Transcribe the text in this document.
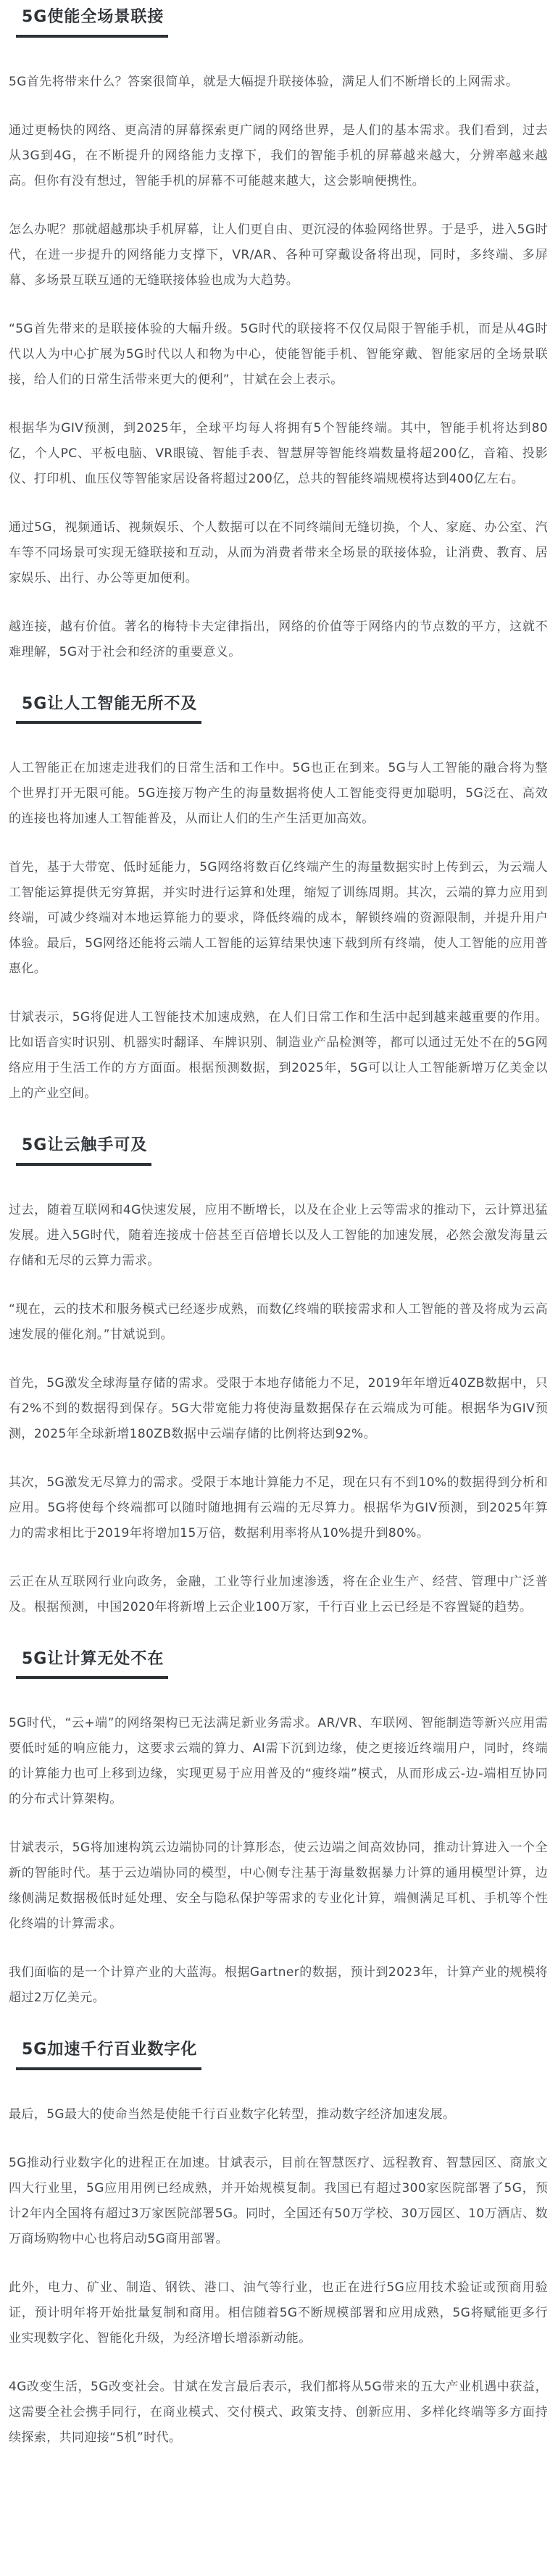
5G使能全场景联接

5G首先将带来什么？答案很简单，就是大幅提升联接体验，满足人们不断增长的上网需求。

通过更畅快的网络、更高清的屏幕探索更广阔的网络世界，是人们的基本需求。我们看到，过去从3G到4G，在不断提升的网络能力支撑下，我们的智能手机的屏幕越来越大，分辨率越来越高。但你有没有想过，智能手机的屏幕不可能越来越大，这会影响便携性。

怎么办呢？那就超越那块手机屏幕，让人们更自由、更沉浸的体验网络世界。于是乎，进入5G时代，在进一步提升的网络能力支撑下，VR/AR、各种可穿戴设备将出现，同时，多终端、多屏幕、多场景互联互通的无缝联接体验也成为大趋势。

“5G首先带来的是联接体验的大幅升级。5G时代的联接将不仅仅局限于智能手机，而是从4G时代以人为中心扩展为5G时代以人和物为中心，使能智能手机、智能穿戴、智能家居的全场景联接，给人们的日常生活带来更大的便利”，甘斌在会上表示。

根据华为GIV预测，到2025年，全球平均每人将拥有5个智能终端。其中，智能手机将达到80亿，个人PC、平板电脑、VR眼镜、智能手表、智慧屏等智能终端数量将超200亿，音箱、投影仪、打印机、血压仪等智能家居设备将超过200亿，总共的智能终端规模将达到400亿左右。

通过5G，视频通话、视频娱乐、个人数据可以在不同终端间无缝切换，个人、家庭、办公室、汽车等不同场景可实现无缝联接和互动，从而为消费者带来全场景的联接体验，让消费、教育、居家娱乐、出行、办公等更加便利。

越连接，越有价值。著名的梅特卡夫定律指出，网络的价值等于网络内的节点数的平方，这就不难理解，5G对于社会和经济的重要意义。

5G让人工智能无所不及

人工智能正在加速走进我们的日常生活和工作中。5G也正在到来。5G与人工智能的融合将为整个世界打开无限可能。5G连接万物产生的海量数据将使人工智能变得更加聪明，5G泛在、高效的连接也将加速人工智能普及，从而让人们的生产生活更加高效。

首先，基于大带宽、低时延能力，5G网络将数百亿终端产生的海量数据实时上传到云，为云端人工智能运算提供无穷算据，并实时进行运算和处理，缩短了训练周期。其次，云端的算力应用到终端，可减少终端对本地运算能力的要求，降低终端的成本，解锁终端的资源限制，并提升用户体验。最后，5G网络还能将云端人工智能的运算结果快速下载到所有终端，使人工智能的应用普惠化。

甘斌表示，5G将促进人工智能技术加速成熟，在人们日常工作和生活中起到越来越重要的作用。比如语音实时识别、机器实时翻译、车牌识别、制造业产品检测等，都可以通过无处不在的5G网络应用于生活工作的方方面面。根据预测数据，到2025年，5G可以让人工智能新增万亿美金以上的产业空间。

5G让云触手可及

过去，随着互联网和4G快速发展，应用不断增长，以及在企业上云等需求的推动下，云计算迅猛发展。进入5G时代，随着连接成十倍甚至百倍增长以及人工智能的加速发展，必然会激发海量云存储和无尽的云算力需求。

“现在，云的技术和服务模式已经逐步成熟，而数亿终端的联接需求和人工智能的普及将成为云高速发展的催化剂。”甘斌说到。

首先，5G激发全球海量存储的需求。受限于本地存储能力不足，2019年年增近40ZB数据中，只有2%不到的数据得到保存。5G大带宽能力将使海量数据保存在云端成为可能。根据华为GIV预测，2025年全球新增180ZB数据中云端存储的比例将达到92%。

其次，5G激发无尽算力的需求。受限于本地计算能力不足，现在只有不到10%的数据得到分析和应用。5G将使每个终端都可以随时随地拥有云端的无尽算力。根据华为GIV预测，到2025年算力的需求相比于2019年将增加15万倍，数据利用率将从10%提升到80%。

云正在从互联网行业向政务，金融，工业等行业加速渗透，将在企业生产、经营、管理中广泛普及。根据预测，中国2020年将新增上云企业100万家，千行百业上云已经是不容置疑的趋势。

5G让计算无处不在

5G时代，“云+端”的网络架构已无法满足新业务需求。AR/VR、车联网、智能制造等新兴应用需要低时延的响应能力，这要求云端的算力、AI需下沉到边缘，使之更接近终端用户，同时，终端的计算能力也可上移到边缘，实现更易于应用普及的“瘦终端”模式，从而形成云-边-端相互协同的分布式计算架构。

甘斌表示，5G将加速构筑云边端协同的计算形态，使云边端之间高效协同，推动计算进入一个全新的智能时代。基于云边端协同的模型，中心侧专注基于海量数据暴力计算的通用模型计算，边缘侧满足数据极低时延处理、安全与隐私保护等需求的专业化计算，端侧满足耳机、手机等个性化终端的计算需求。

我们面临的是一个计算产业的大蓝海。根据Gartner的数据，预计到2023年，计算产业的规模将超过2万亿美元。

5G加速千行百业数字化

最后，5G最大的使命当然是使能千行百业数字化转型，推动数字经济加速发展。

5G推动行业数字化的进程正在加速。甘斌表示，目前在智慧医疗、远程教育、智慧园区、商旅文四大行业里，5G应用用例已经成熟，并开始规模复制。我国已有超过300家医院部署了5G，预计2年内全国将有超过3万家医院部署5G。同时，全国还有50万学校、30万园区、10万酒店、数万商场购物中心也将启动5G商用部署。

此外，电力、矿业、制造、钢铁、港口、油气等行业，也正在进行5G应用技术验证或预商用验证，预计明年将开始批量复制和商用。相信随着5G不断规模部署和应用成熟，5G将赋能更多行业实现数字化、智能化升级，为经济增长增添新动能。

4G改变生活，5G改变社会。甘斌在发言最后表示，我们都将从5G带来的五大产业机遇中获益，这需要全社会携手同行，在商业模式、交付模式、政策支持、创新应用、多样化终端等多方面持续探索，共同迎接“5机”时代。
